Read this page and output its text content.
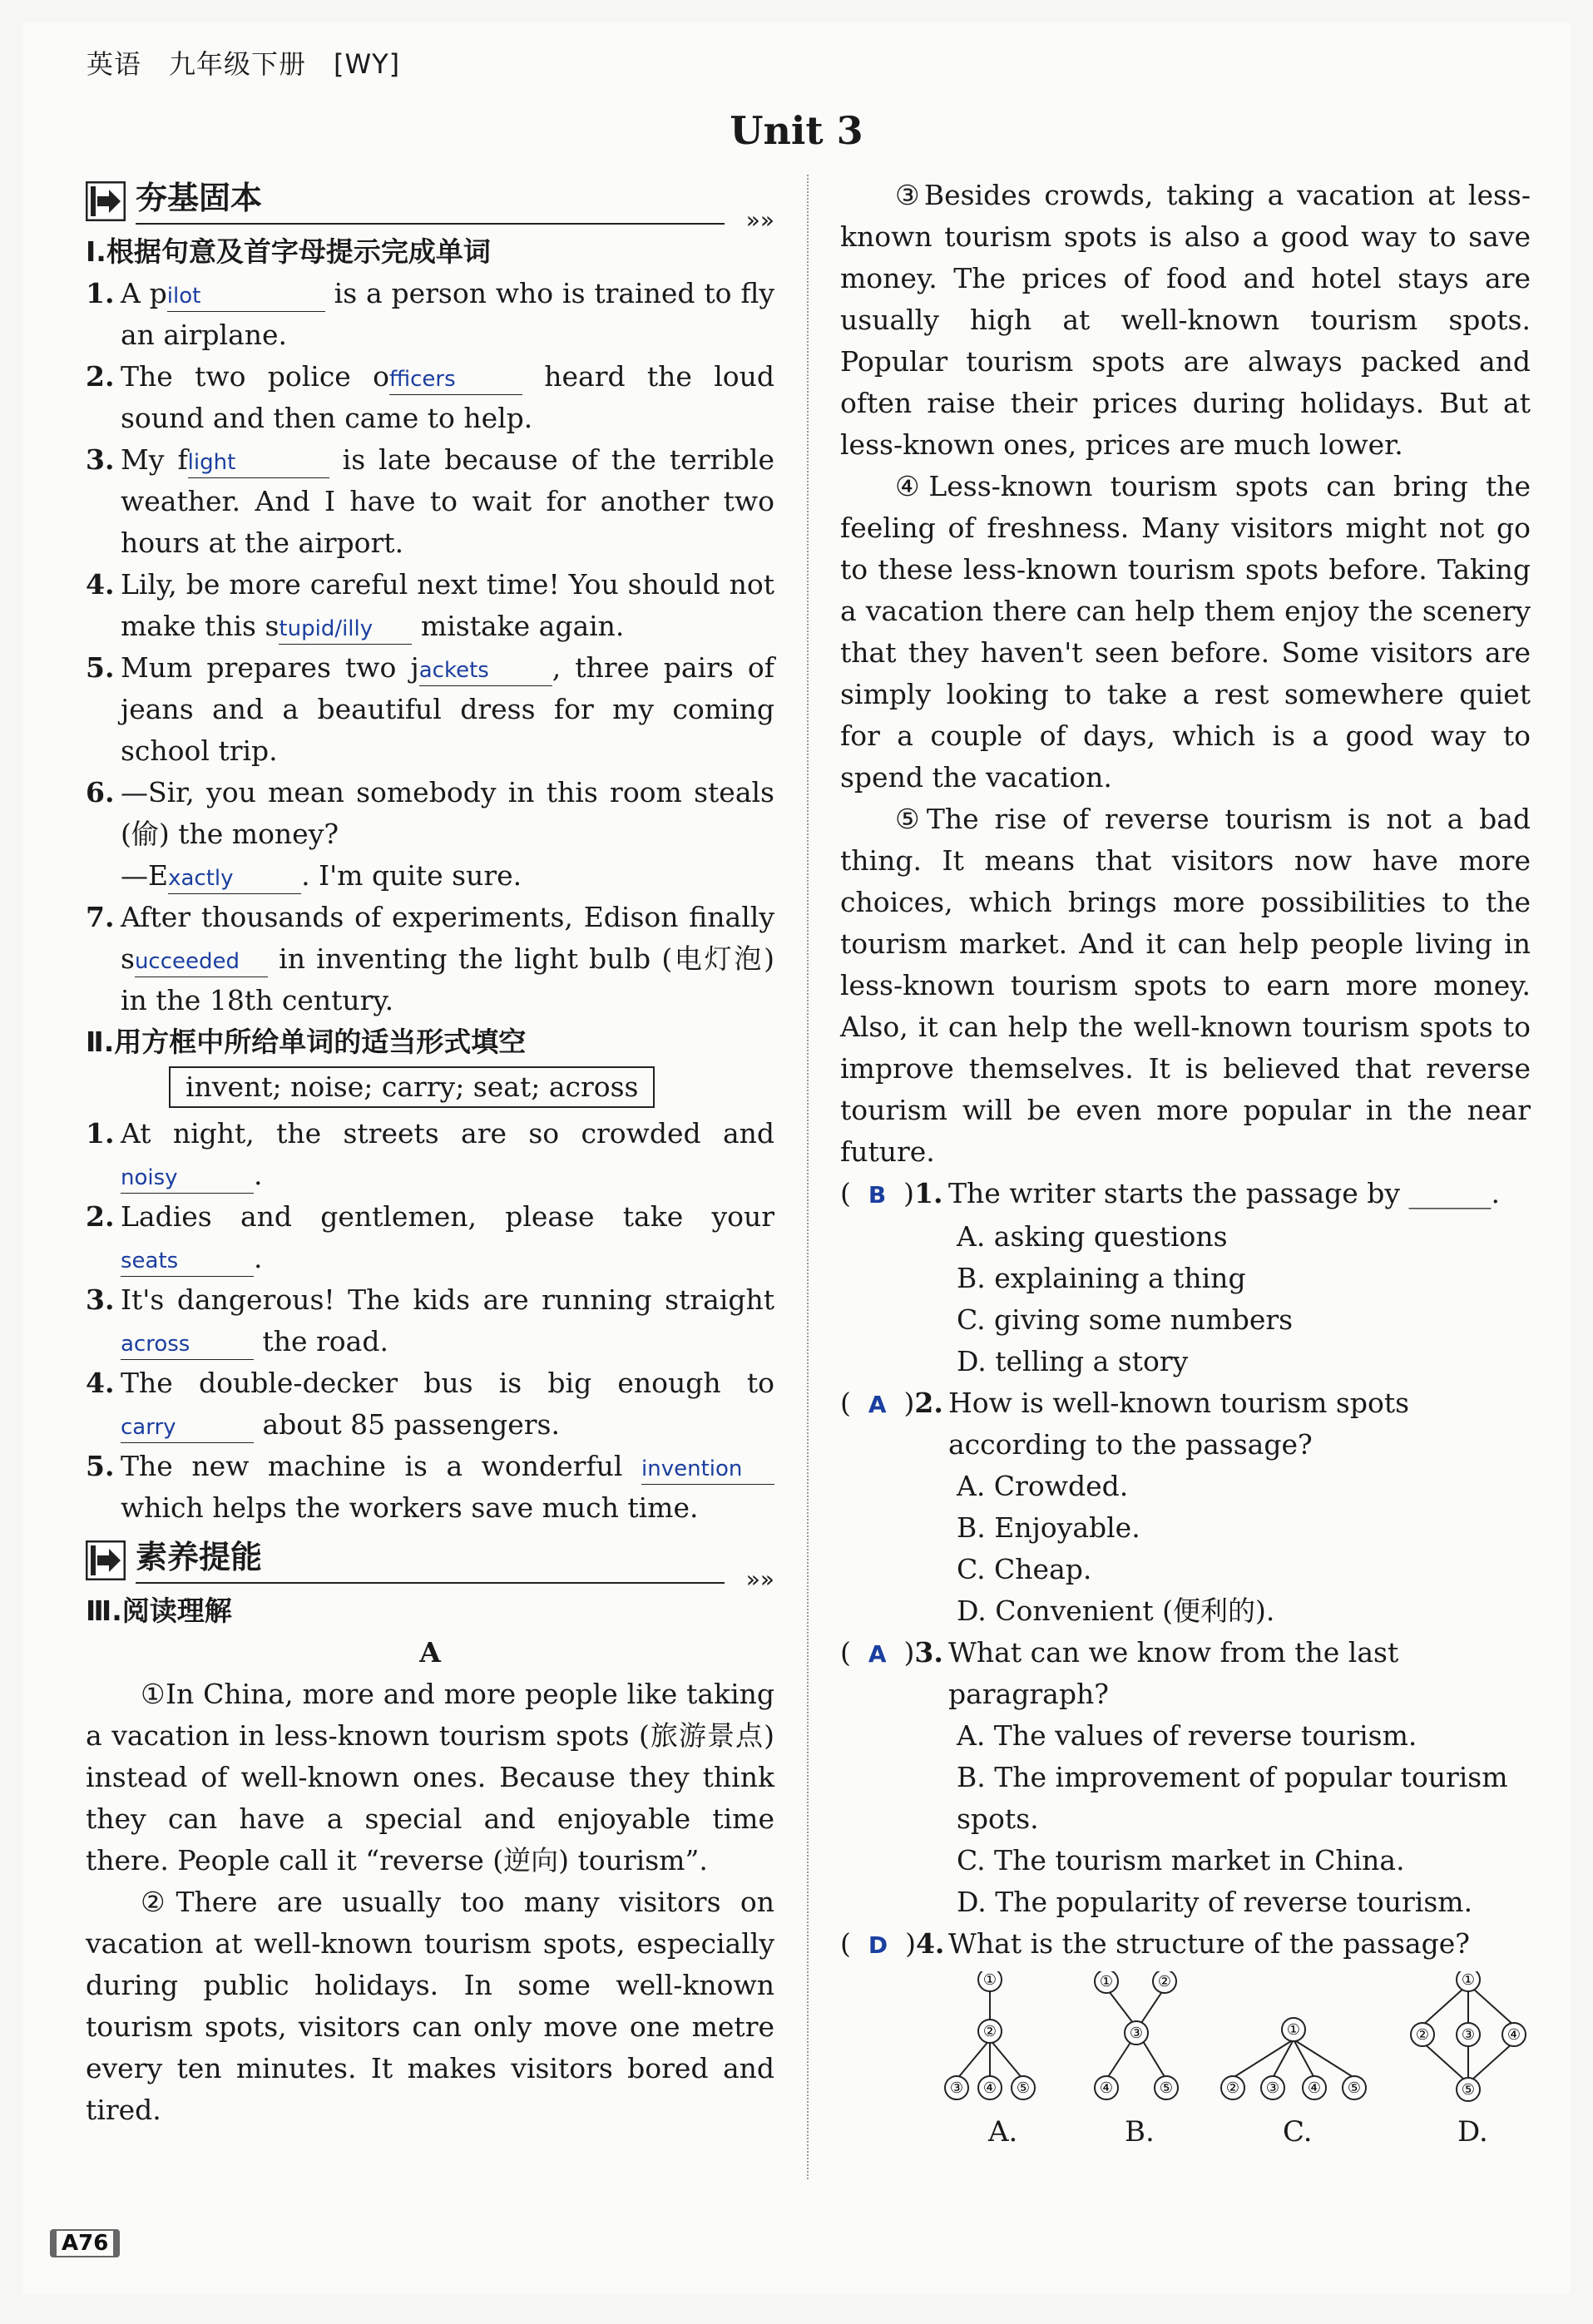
英语　九年级下册　[WY]
Unit 3
夯基固本
»»
Ⅰ.根据句意及首字母提示完成单词
1. A pilot	is a person who is trained to fly an airplane.
2. The two police officers heard the loud sound and then came to help.
3. My flight	is late because of the terrible weather. And I have to wait for another two hours at the airport.
4. Lily, be more careful next time! You should not make this stupid/illy mistake again.
5. Mum prepares two jackets , three pairs of jeans and a beautiful dress for my coming school trip.
6. —Sir, you mean somebody in this room steals (偷) the money?
—Exactly . I'm quite sure.
7. After thousands of experiments, Edison finally succeeded in inventing the light bulb (电灯泡) in the 18th century.
Ⅱ.用方框中所给单词的适当形式填空
invent; noise; carry; seat; across
1. At night, the streets are so crowded and noisy	.
2. Ladies and gentlemen, please take your seats	.
3. It's dangerous! The kids are running straight across the road.
4. The double-decker bus is big enough to carry	about 85 passengers.
5. The new machine is a wonderful invention which helps the workers save much time.
素养提能
»»
Ⅲ.阅读理解
A
①In China, more and more people like taking a vacation in less-known tourism spots (旅游景点) instead of well-known ones. Because they think they can have a special and enjoyable time there. People call it “reverse (逆向) tourism”.
②There are usually too many visitors on vacation at well-known tourism spots, especially during public holidays. In some well-known tourism spots, visitors can only move one metre every ten minutes. It makes visitors bored and tired.
③Besides crowds, taking a vacation at less-known tourism spots is also a good way to save money. The prices of food and hotel stays are usually high at well-known tourism spots. Popular tourism spots are always packed and often raise their prices during holidays. But at less-known ones, prices are much lower.
④Less-known tourism spots can bring the feeling of freshness. Many visitors might not go to these less-known tourism spots before. Taking a vacation there can help them enjoy the scenery that they haven't seen before. Some visitors are simply looking to take a rest somewhere quiet for a couple of days, which is a good way to spend the vacation.
⑤The rise of reverse tourism is not a bad thing. It means that visitors now have more choices, which brings more possibilities to the tourism market. And it can help people living in less-known tourism spots to earn more money. Also, it can help the well-known tourism spots to improve themselves. It is believed that reverse tourism will be even more popular in the near future.
(  B  )1. The writer starts the passage by ______.
A. asking questions
B. explaining a thing
C. giving some numbers
D. telling a story
(  A  )2. How is well-known tourism spots according to the passage?
A. Crowded.
B. Enjoyable.
C. Cheap.
D. Convenient (便利的).
(  A  )3. What can we know from the last paragraph?
A. The values of reverse tourism.
B. The improvement of popular tourism spots.
C. The tourism market in China.
D. The popularity of reverse tourism.
(  D  )4. What is the structure of the passage?
①
②
③ ④ ⑤
①	②
③
④	⑤
①
② ③ ④ ⑤
①
② ③ ④
⑤
A.	B.	C.	D.
A76
